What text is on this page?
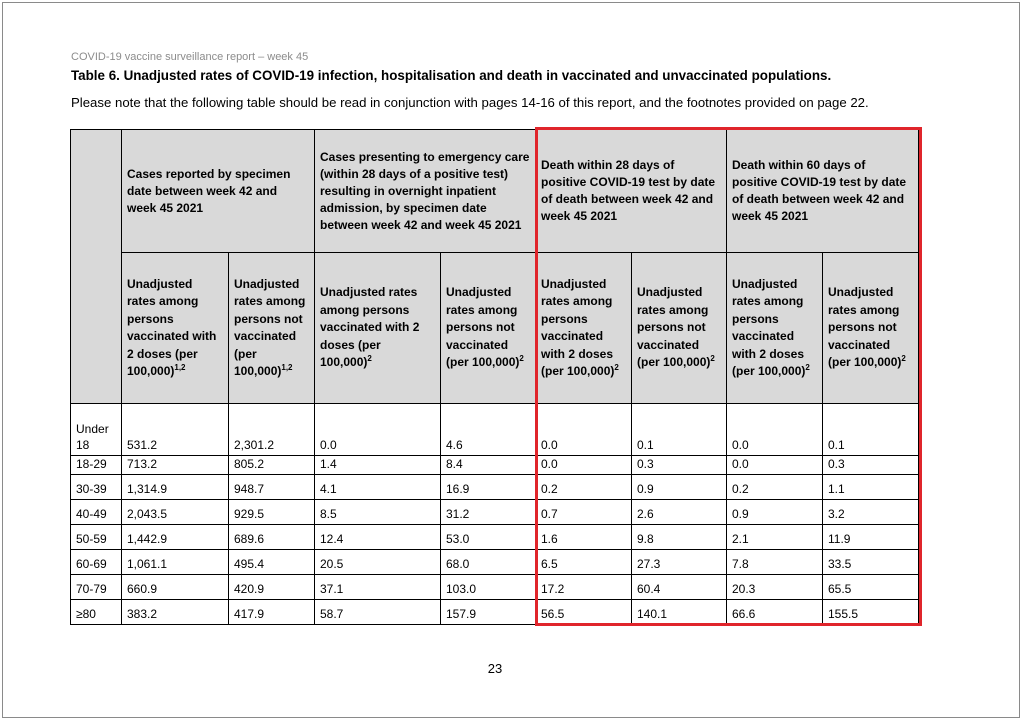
COVID-19 vaccine surveillance report – week 45
Table 6. Unadjusted rates of COVID-19 infection, hospitalisation and death in vaccinated and unvaccinated populations.
Please note that the following table should be read in conjunction with pages 14-16 of this report, and the footnotes provided on page 22.
	Cases reported by specimen date between week 42 and week 45 2021		Cases presenting to emergency care (within 28 days of a positive test) resulting in overnight inpatient admission, by specimen date between week 42 and week 45 2021		Death within 28 days of positive COVID-19 test by date of death between week 42 and week 45 2021		Death within 60 days of positive COVID-19 test by date of death between week 42 and week 45 2021	
	Unadjusted rates among persons vaccinated with 2 doses (per 100,000)$^{1,2}$	Unadjusted rates among persons not vaccinated (per 100,000)$^{1,2}$	Unadjusted rates among persons vaccinated with 2 doses (per 100,000)$^2$	Unadjusted rates among persons not vaccinated (per 100,000)$^2$	Unadjusted rates among persons vaccinated with 2 doses (per 100,000)$^2$	Unadjusted rates among persons not vaccinated (per 100,000)$^2$	Unadjusted rates among persons vaccinated with 2 doses (per 100,000)$^2$	Unadjusted rates among persons not vaccinated (per 100,000)$^2$
Under 18	531.2	2,301.2	0.0	4.6	0.0	0.1	0.0	0.1
18-29	713.2	805.2	1.4	8.4	0.0	0.3	0.0	0.3
30-39	1,314.9	948.7	4.1	16.9	0.2	0.9	0.2	1.1
40-49	2,043.5	929.5	8.5	31.2	0.7	2.6	0.9	3.2
50-59	1,442.9	689.6	12.4	53.0	1.6	9.8	2.1	11.9
60-69	1,061.1	495.4	20.5	68.0	6.5	27.3	7.8	33.5
70-79	660.9	420.9	37.1	103.0	17.2	60.4	20.3	65.5
≥80	383.2	417.9	58.7	157.9	56.5	140.1	66.6	155.5
23
